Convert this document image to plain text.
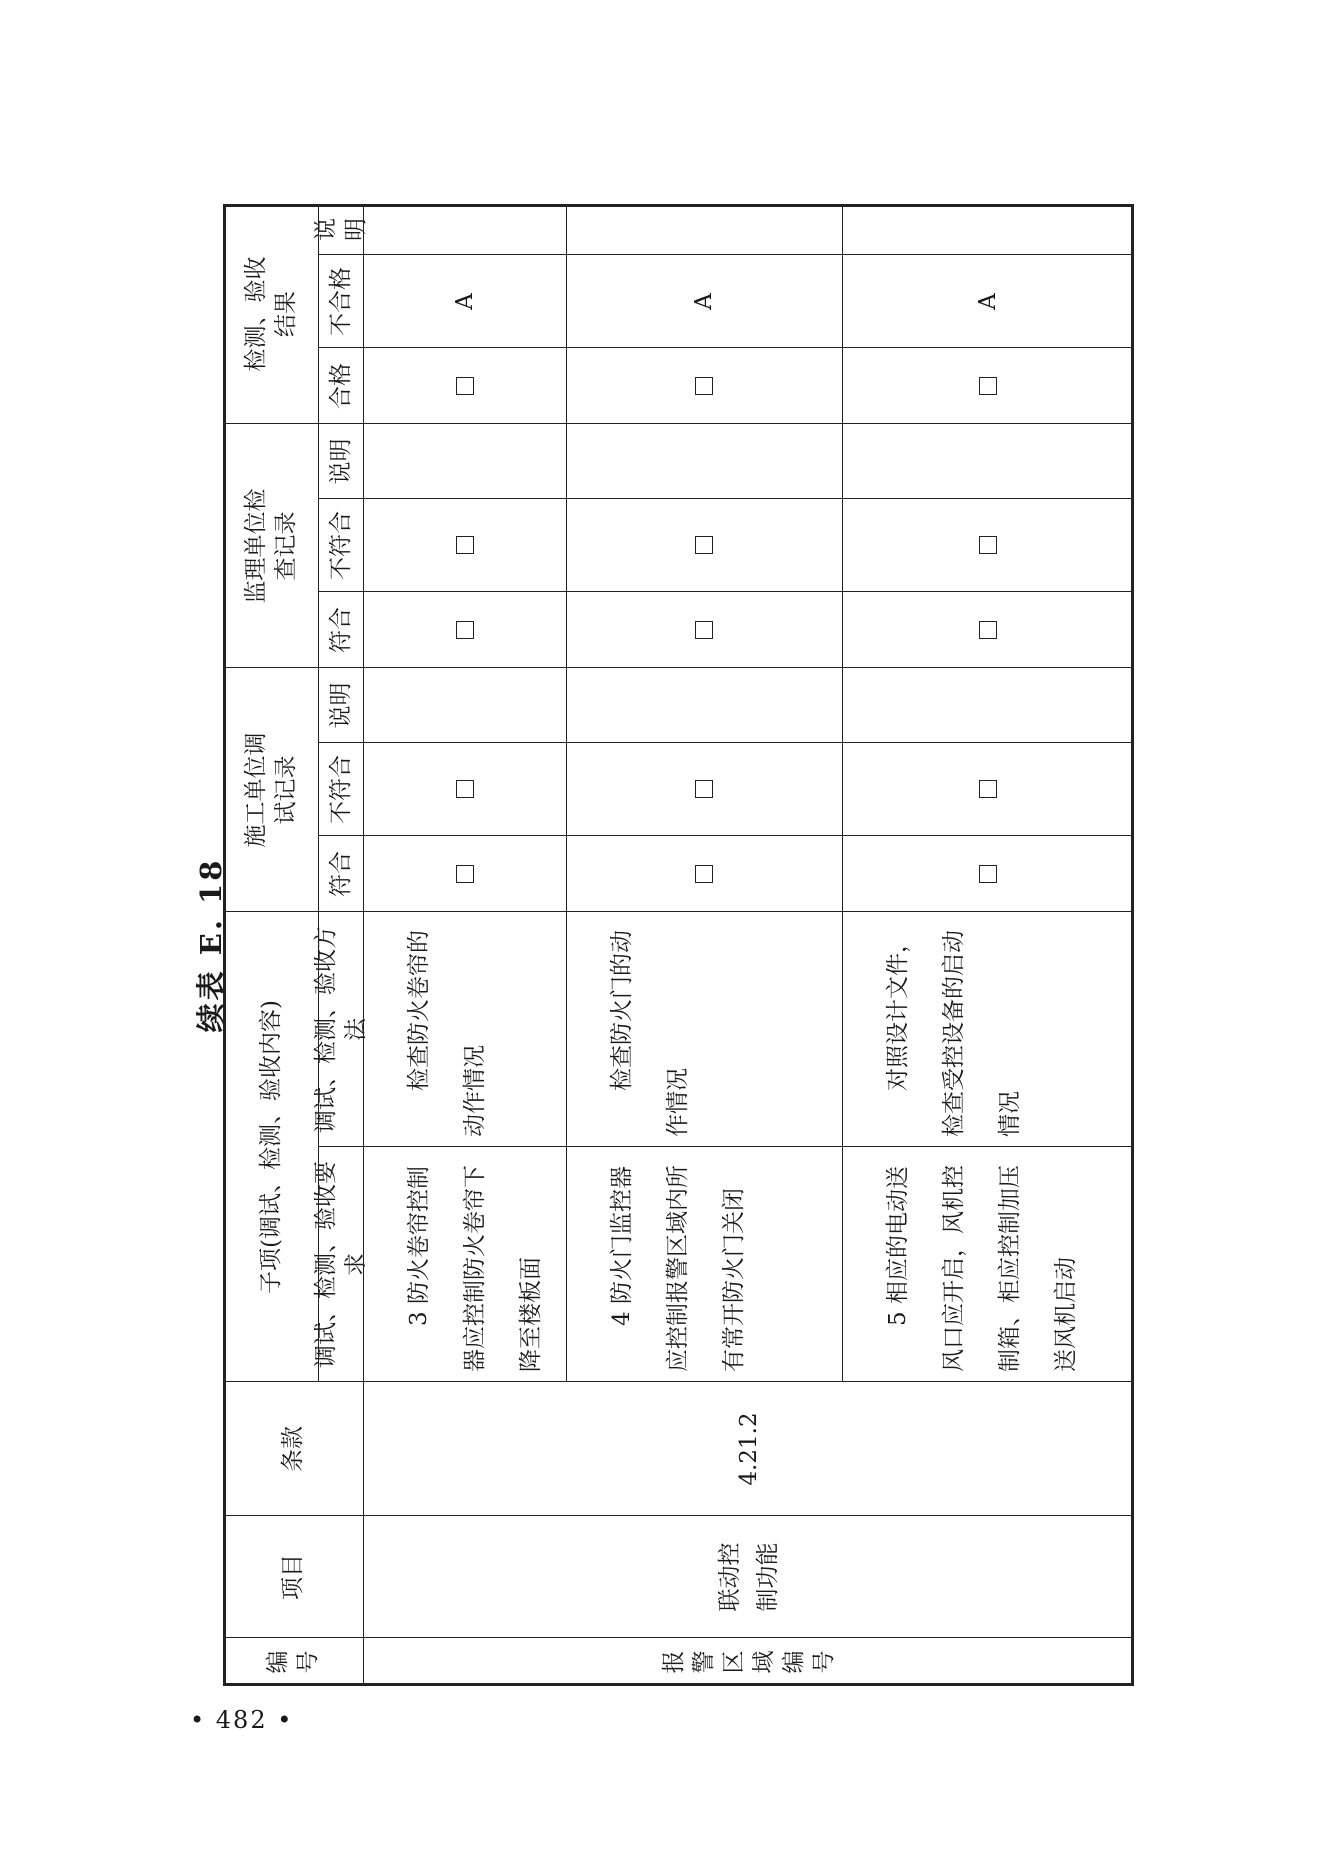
• 482 •
续表 E. 18
编号
项目
条款
子项(调试、检测、验收内容)	调试、检测、验收要求
调试、检测、验收方法
施工单位调试记录
监理单位检查记录
检测、验收结果
符合
不符合
说明
符合
不符合
说明
合格
不合格
说明
报警区域编号
联动控制功能
4.21.2
3 防火卷帘控制器应控制防火卷帘下降至楼板面
检查防火卷帘的动作情况
A
4 防火门监控器应控制报警区域内所有常开防火门关闭
检查防火门的动作情况
A
5 相应的电动送风口应开启，风机控制箱、柜应控制加压送风机启动
对照设计文件，检查受控设备的启动情况
A
